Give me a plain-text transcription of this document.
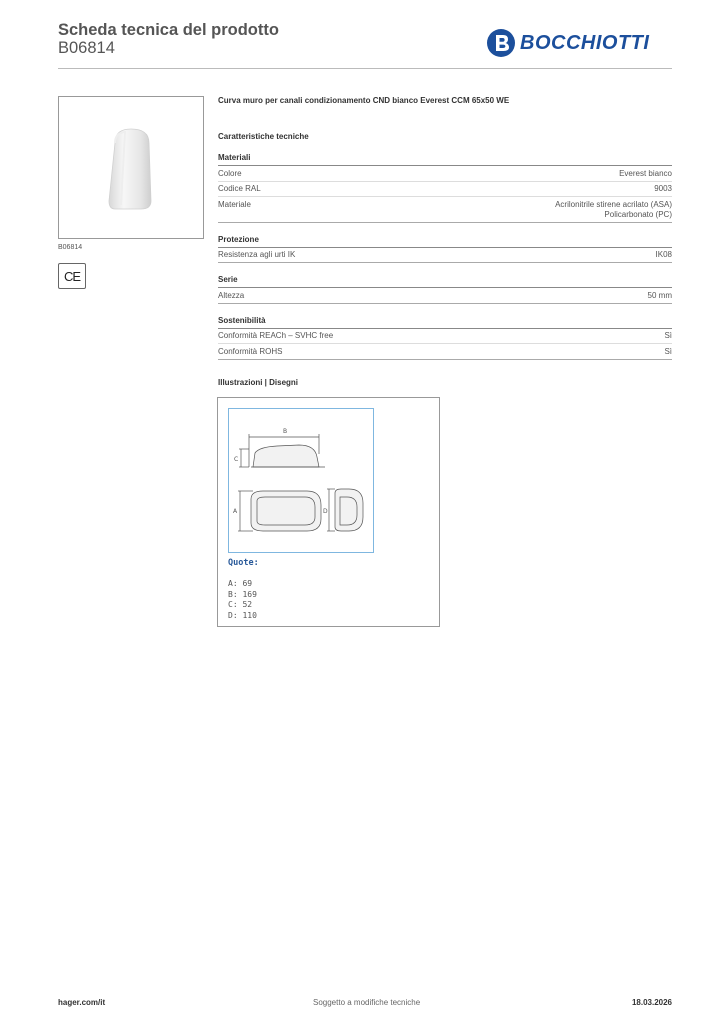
Scheda tecnica del prodotto
B06814	BOCCHIOTTI
B06814
CE
Curva muro per canali condizionamento CND bianco Everest CCM 65x50 WE
Caratteristiche tecniche
Materiali
Colore	Everest bianco
Codice RAL	9003
Materiale	Acrilonitrile stirene acrilato (ASA)
Policarbonato (PC)
Protezione
Resistenza agli urti IK	IK08
Serie
Altezza	50 mm
Sostenibilità
Conformità REACh – SVHC free	Sì
Conformità ROHS	Sì
Illustrazioni | Disegni
B
C
A	D
Quote:
A: 69
B: 169
C: 52
D: 110
hager.com/it	Soggetto a modifiche tecniche	18.03.2026
